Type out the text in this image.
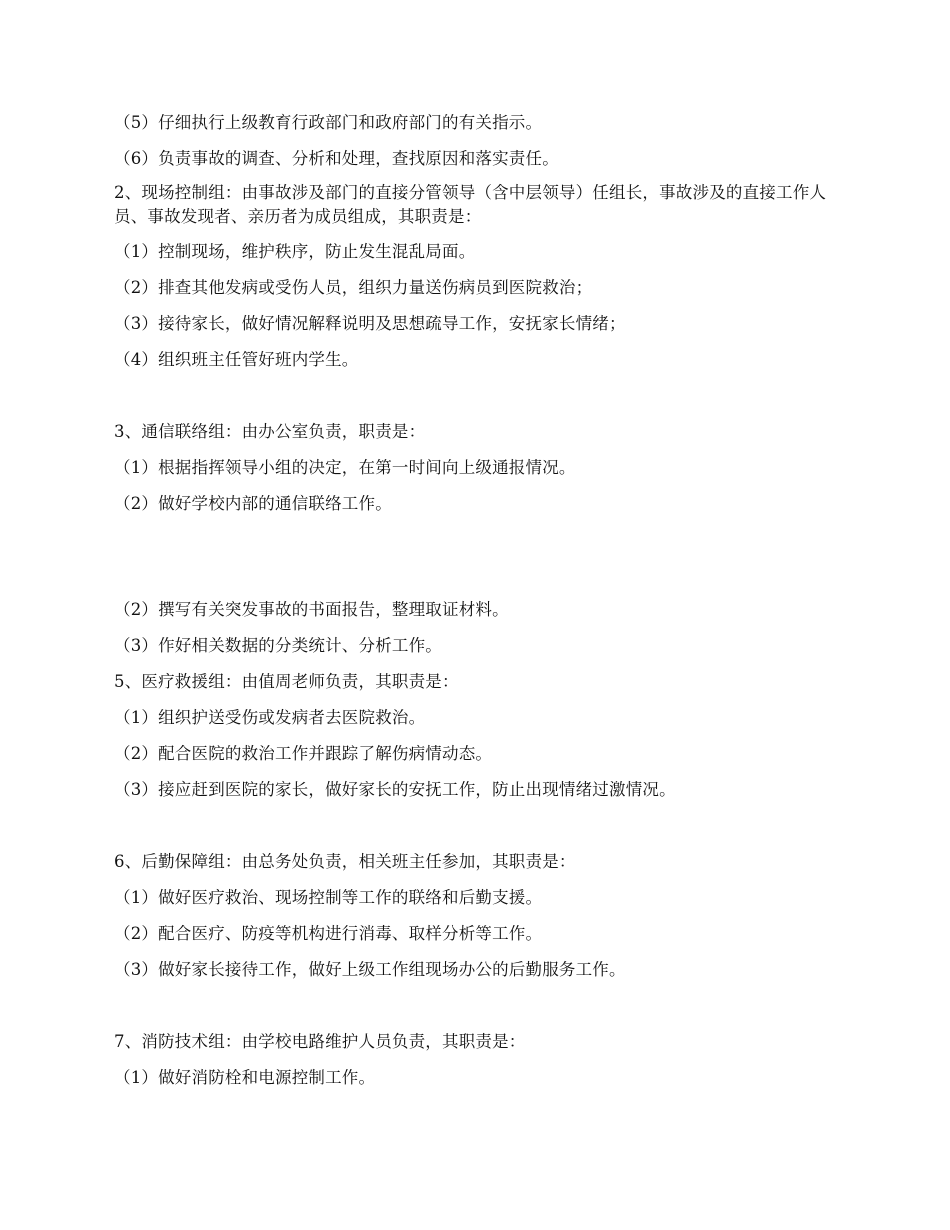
（5）仔细执行上级教育行政部门和政府部门的有关指示。
（6）负责事故的调查、分析和处理，查找原因和落实责任。
2、现场控制组：由事故涉及部门的直接分管领导（含中层领导）任组长，事故涉及的直接工作人员、事故发现者、亲历者为成员组成，其职责是：
（1）控制现场，维护秩序，防止发生混乱局面。
（2）排查其他发病或受伤人员，组织力量送伤病员到医院救治；
（3）接待家长，做好情况解释说明及思想疏导工作，安抚家长情绪；
（4）组织班主任管好班内学生。
3、通信联络组：由办公室负责，职责是：
（1）根据指挥领导小组的决定，在第一时间向上级通报情况。
（2）做好学校内部的通信联络工作。
（2）撰写有关突发事故的书面报告，整理取证材料。
（3）作好相关数据的分类统计、分析工作。
5、医疗救援组：由值周老师负责，其职责是：
（1）组织护送受伤或发病者去医院救治。
（2）配合医院的救治工作并跟踪了解伤病情动态。
（3）接应赶到医院的家长，做好家长的安抚工作，防止出现情绪过激情况。
6、后勤保障组：由总务处负责，相关班主任参加，其职责是：
（1）做好医疗救治、现场控制等工作的联络和后勤支援。
（2）配合医疗、防疫等机构进行消毒、取样分析等工作。
（3）做好家长接待工作，做好上级工作组现场办公的后勤服务工作。
7、消防技术组：由学校电路维护人员负责，其职责是：
（1）做好消防栓和电源控制工作。
